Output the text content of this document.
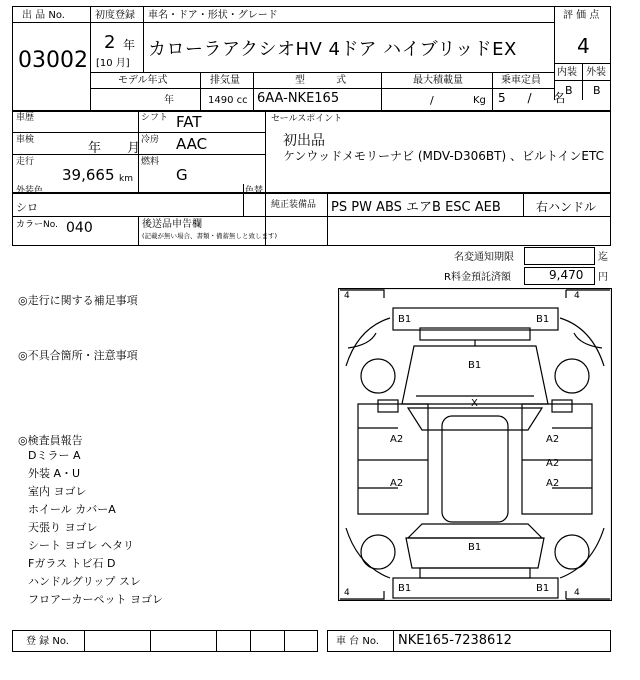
出 品 No.
03002
初度登録
2 年
[10 月]
車名・ドア・形状・グレード
カローラアクシオHV 4ドア ハイブリッドEX
評 価 点
4
内装 外装
B B
モデル年式
年
排気量
1490 cc
型 式
6AA-NKE165
最大積載量
/	Kg
乗車定員
5 / 名
車歴
車検
年 月
走行
39,665 km
シフト FAT
冷房 AAC
燃料
G
セールスポイント
初出品
ケンウッドメモリーナビ (MDV-D306BT) 、ビルトインETC
外装色
シロ
色替
純正装備品 PS PW ABS エアB ESC AEB	右ハンドル
カラーNo. 040	後送品申告欄
(記載が無い場合、書類・備蓄無しと致します)
名変通知期限	迄
R料金預託済額	9,470 円
◎走行に関する補足事項
◎不具合箇所・注意事項
◎検査員報告
Dミラー A
外装 A・U
室内 ヨゴレ
ホイール カバーA
天張り ヨゴレ
シート ヨゴレ ヘタリ
Fガラス トビ石 D
ハンドルグリップ スレ
フロアーカーペット ヨゴレ
4	4
4	4
B1	B1
B1
X
A2
A2
A2
A2
A2
B1
B1	B1
登 録 No.	車 台 No. NKE165-7238612
